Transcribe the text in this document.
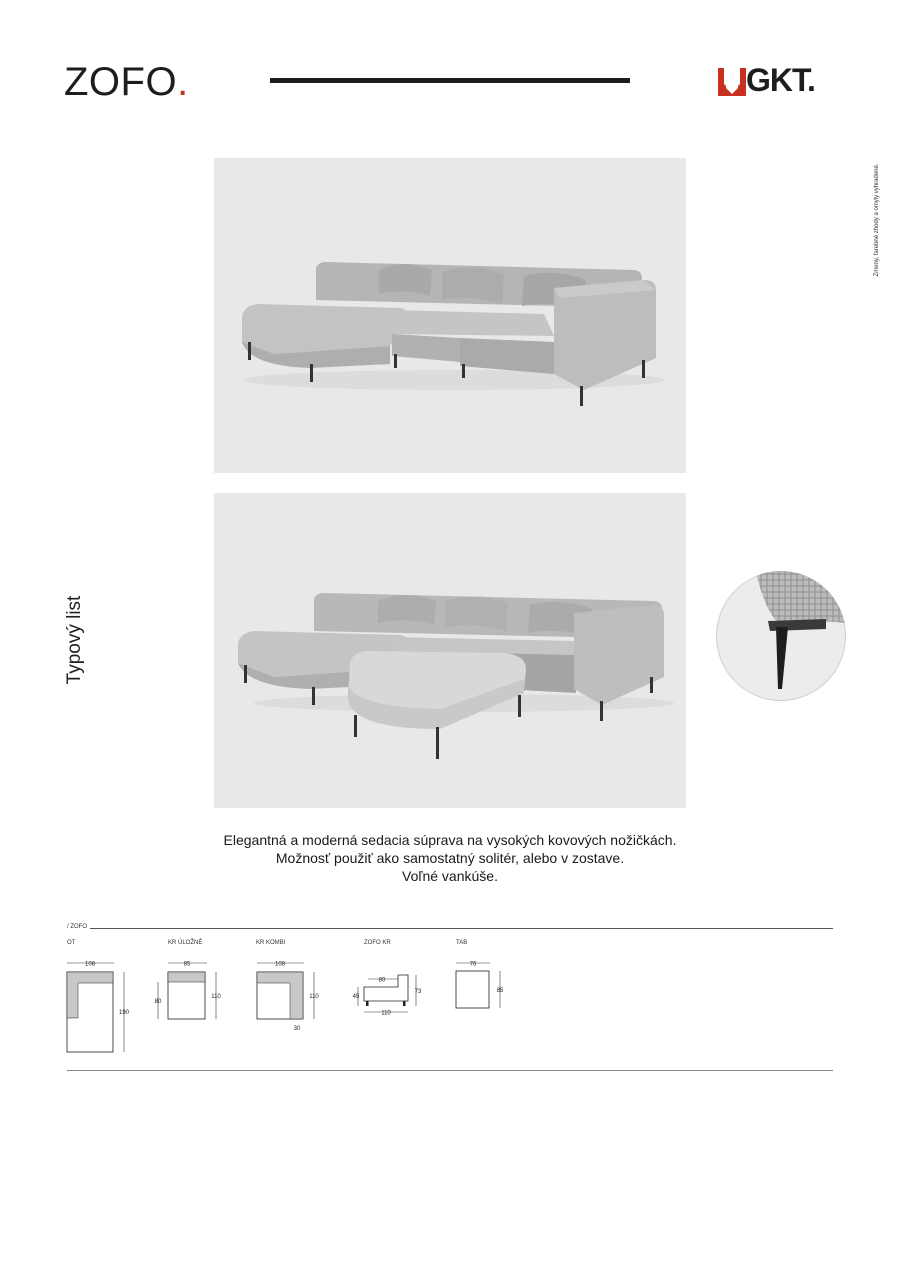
ZOFO.	GKT.
Zmeny, farebné zhody a omyly vyhradené.
Typový list
Elegantná a moderná sedacia súprava na vysokých kovových nožičkách.
Možnosť použiť ako samostatný solitér, alebo v zostave.
Voľné vankúše.
/ ZOFO
OT	KR ÚLOŽNÉ	KR KOMBI	ZOFO KR	TAB
108
190
85
80
110
108
110
30
80
45
73
110
76
85
